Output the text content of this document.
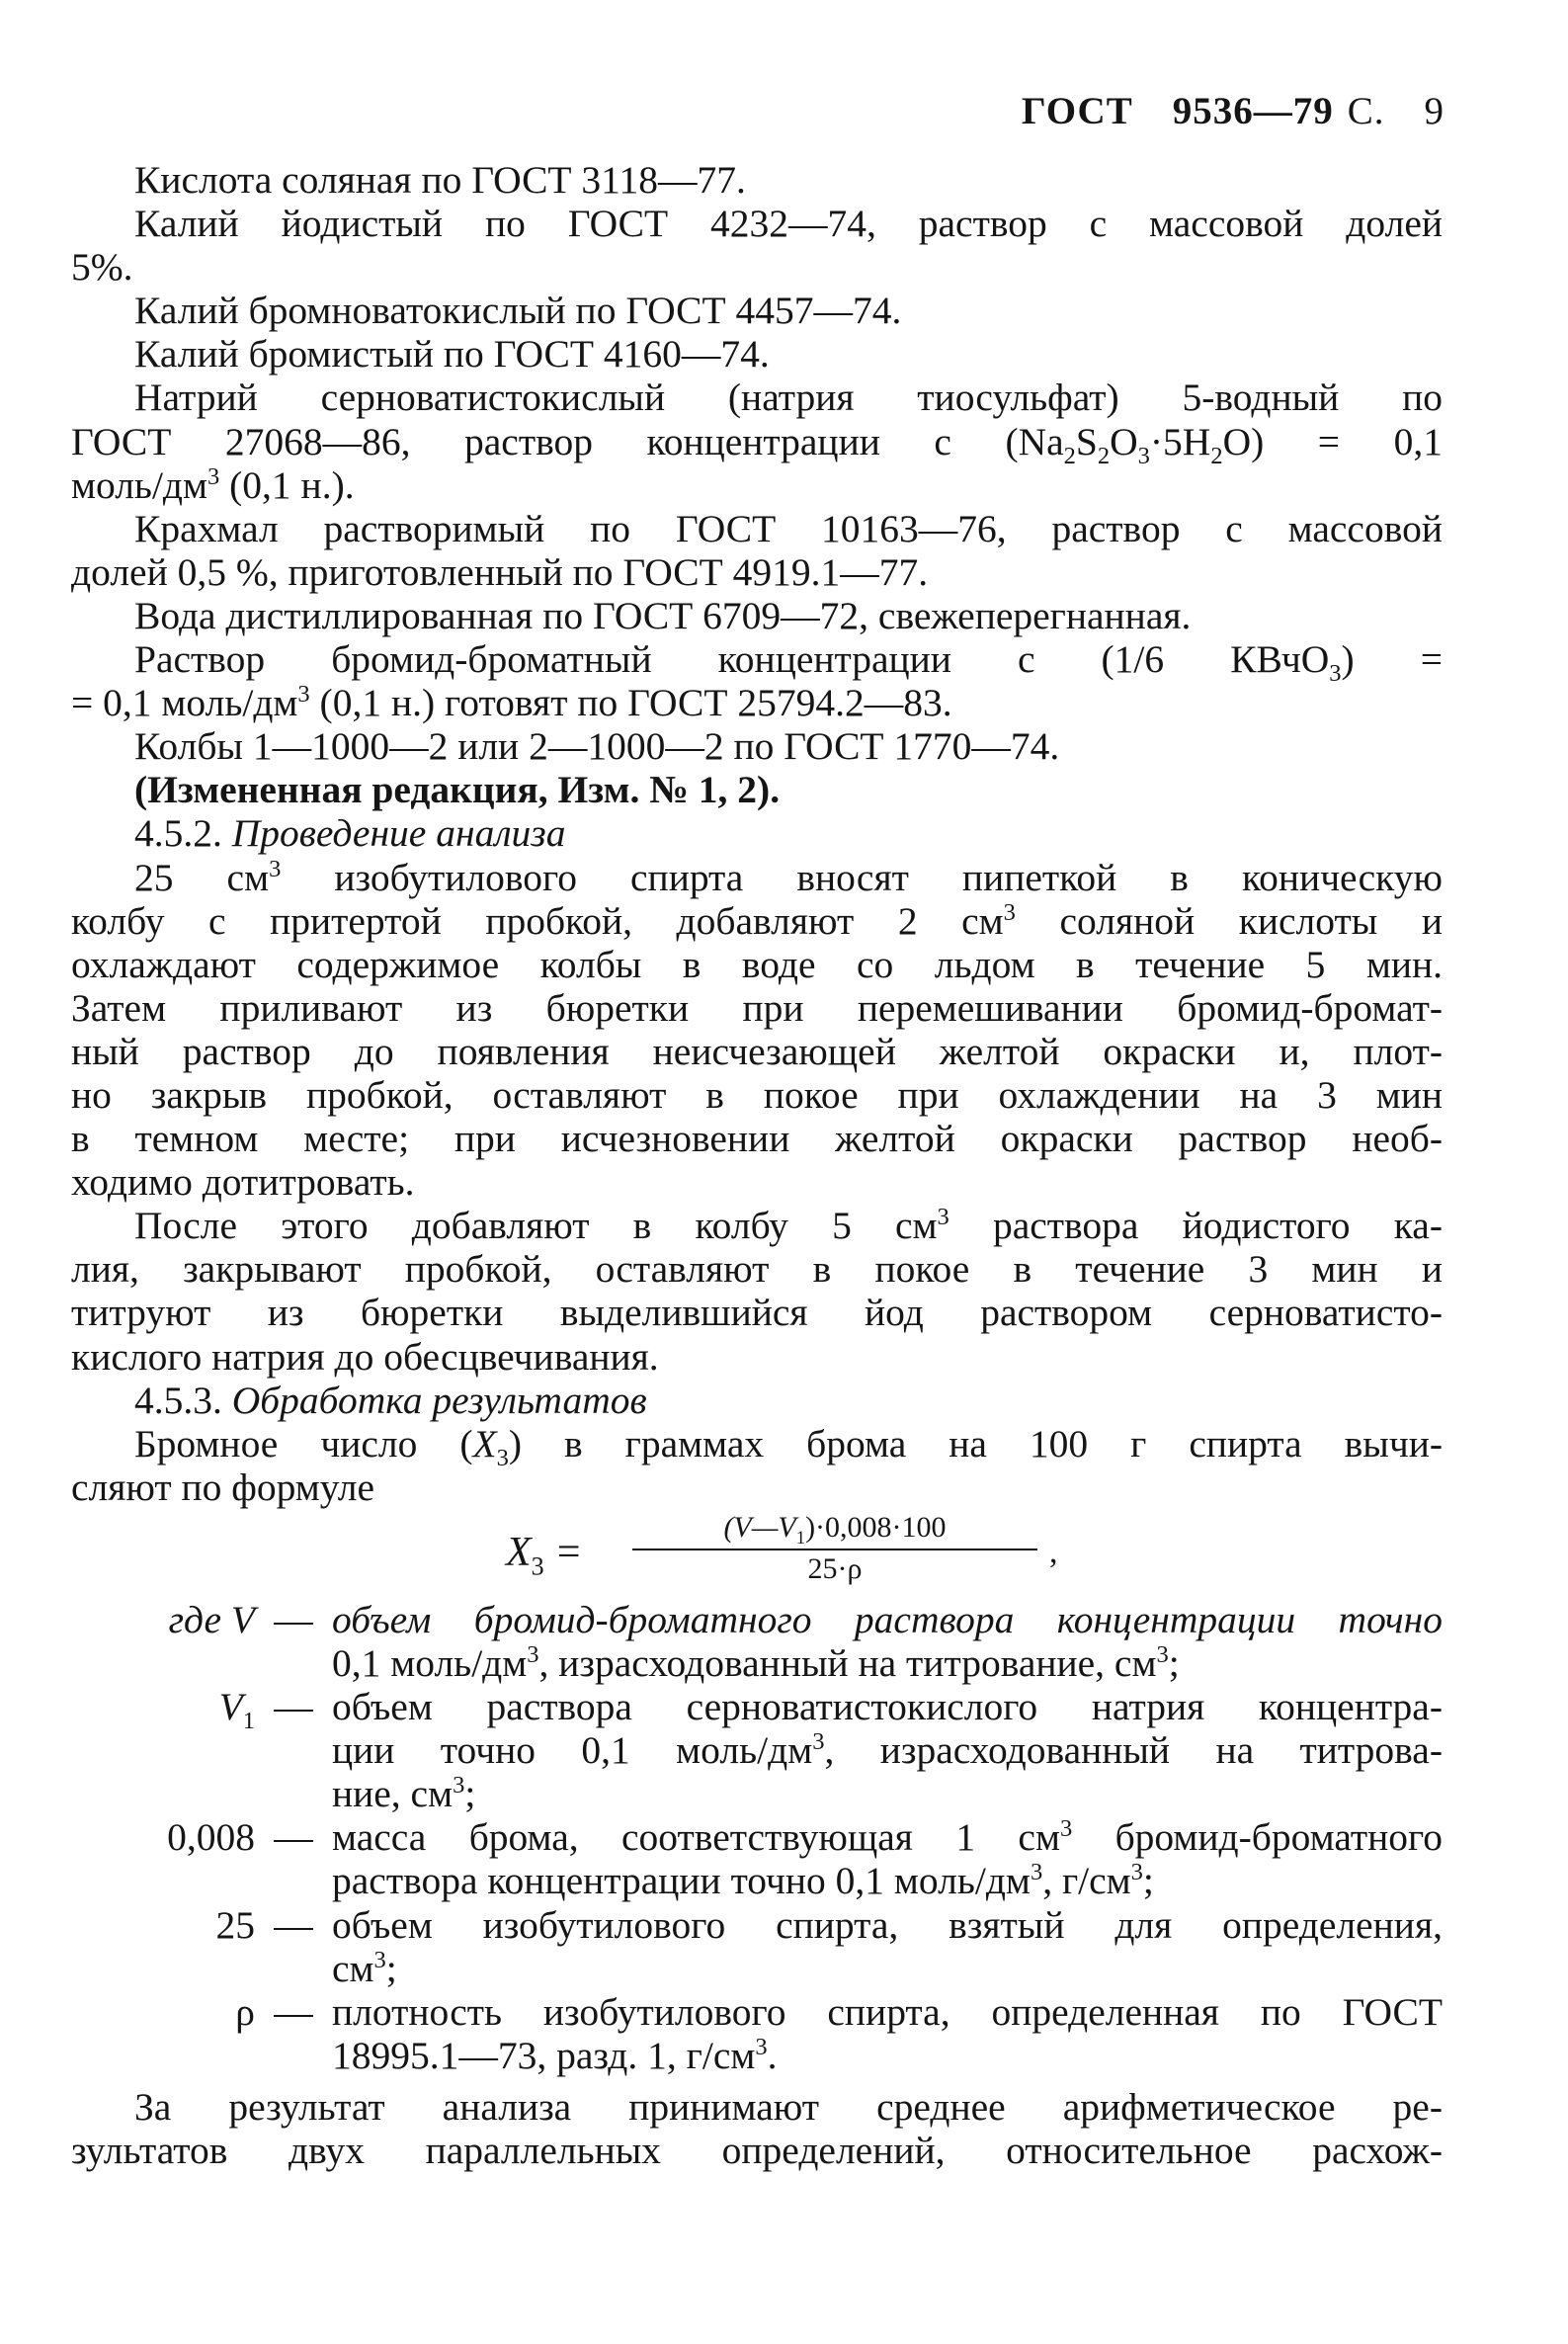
ГОСТ 9536—79 С. 9

Кислота соляная по ГОСТ 3118—77.

Калий йодистый по ГОСТ 4232—74, раствор с массовой долей

5%.

Калий бромноватокислый по ГОСТ 4457—74.

Калий бромистый по ГОСТ 4160—74.

Натрий серноватистокислый (натрия тиосульфат) 5-водный по

ГОСТ 27068—86, раствор концентрации с $(Na_2S_2O_3\cdot 5H_2O) = 0,1$

моль/$дм^3$ (0,1 н.).

Крахмал растворимый по ГОСТ 10163—76, раствор с массовой

долей 0,5 %, приготовленный по ГОСТ 4919.1—77.

Вода дистиллированная по ГОСТ 6709—72, свежеперегнанная.

Раствор бромид-броматный концентрации с (1/6 КВчО$_3$) =

= 0,1 моль/$дм^3$ (0,1 н.) готовят по ГОСТ 25794.2—83.

Колбы 1—1000—2 или 2—1000—2 по ГОСТ 1770—74.

(Измененная редакция, Изм. № 1, 2).

4.5.2. Проведение анализа

25 $см^3$ изобутилового спирта вносят пипеткой в коническую

колбу с притертой пробкой, добавляют 2 $см^3$ соляной кислоты и

охлаждают содержимое колбы в воде со льдом в течение 5 мин.

Затем приливают из бюретки при перемешивании бромид-бромат-

ный раствор до появления неисчезающей желтой окраски и, плот-

но закрыв пробкой, оставляют в покое при охлаждении на 3 мин

в темном месте; при исчезновении желтой окраски раствор необ-

ходимо дотитровать.

После этого добавляют в колбу 5 $см^3$ раствора йодистого ка-

лия, закрывают пробкой, оставляют в покое в течение 3 мин и

титруют из бюретки выделившийся йод раствором серноватисто-

кислого натрия до обесцвечивания.

4.5.3. Обработка результатов

Бромное число $(X_3)$ в граммах брома на 100 г спирта вычи-

сляют по формуле

$X_3 = \frac{(V—V_1)\cdot 0,008\cdot 100}{25\cdot\rho}$ ,
где V — объем бромид-броматного раствора концентрации точно
0,1 моль/$дм^3$, израсходованный на титрование, $см^3$;
$V_1$ — объем раствора серноватистокислого натрия концентра-
ции точно 0,1 моль/$дм^3$, израсходованный на титрова-
ние, $см^3$;
0,008 — масса брома, соответствующая 1 $см^3$ бромид-броматного
раствора концентрации точно 0,1 моль/$дм^3$, $г/см^3$;
25 — объем изобутилового спирта, взятый для определения,
$см^3$;
ρ — плотность изобутилового спирта, определенная по ГОСТ
18995.1—73, разд. 1, $г/см^3$.

За результат анализа принимают среднее арифметическое ре-

зультатов двух параллельных определений, относительное расхож-
